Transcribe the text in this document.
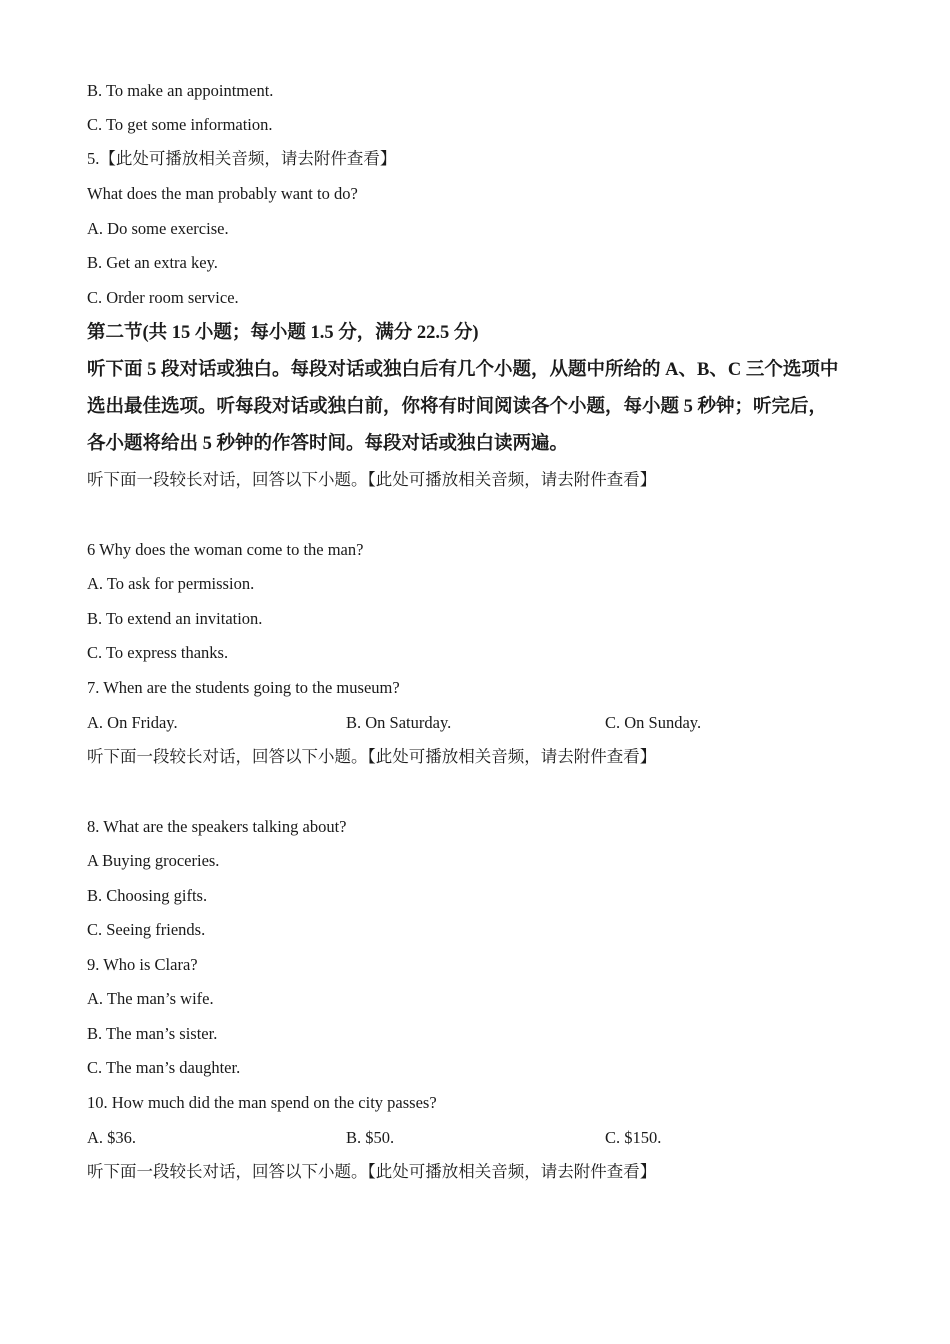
B. To make an appointment.
C. To get some information.
5.【此处可播放相关音频，请去附件查看】
What does the man probably want to do?
A. Do some exercise.
B. Get an extra key.
C. Order room service.
第二节(共 15 小题；每小题 1.5 分，满分 22.5 分)
听下面 5 段对话或独白。每段对话或独白后有几个小题，从题中所给的 A、B、C 三个选项中
选出最佳选项。听每段对话或独白前，你将有时间阅读各个小题，每小题 5 秒钟；听完后，
各小题将给出 5 秒钟的作答时间。每段对话或独白读两遍。
听下面一段较长对话，回答以下小题。【此处可播放相关音频，请去附件查看】
6 Why does the woman come to the man?
A. To ask for permission.
B. To extend an invitation.
C. To express thanks.
7. When are the students going to the museum?
A. On Friday.	B. On Saturday.	C. On Sunday.
听下面一段较长对话，回答以下小题。【此处可播放相关音频，请去附件查看】
8. What are the speakers talking about?
A Buying groceries.
B. Choosing gifts.
C. Seeing friends.
9. Who is Clara?
A. The man’s wife.
B. The man’s sister.
C. The man’s daughter.
10. How much did the man spend on the city passes?
A. $36.	B. $50.	C. $150.
听下面一段较长对话，回答以下小题。【此处可播放相关音频，请去附件查看】
